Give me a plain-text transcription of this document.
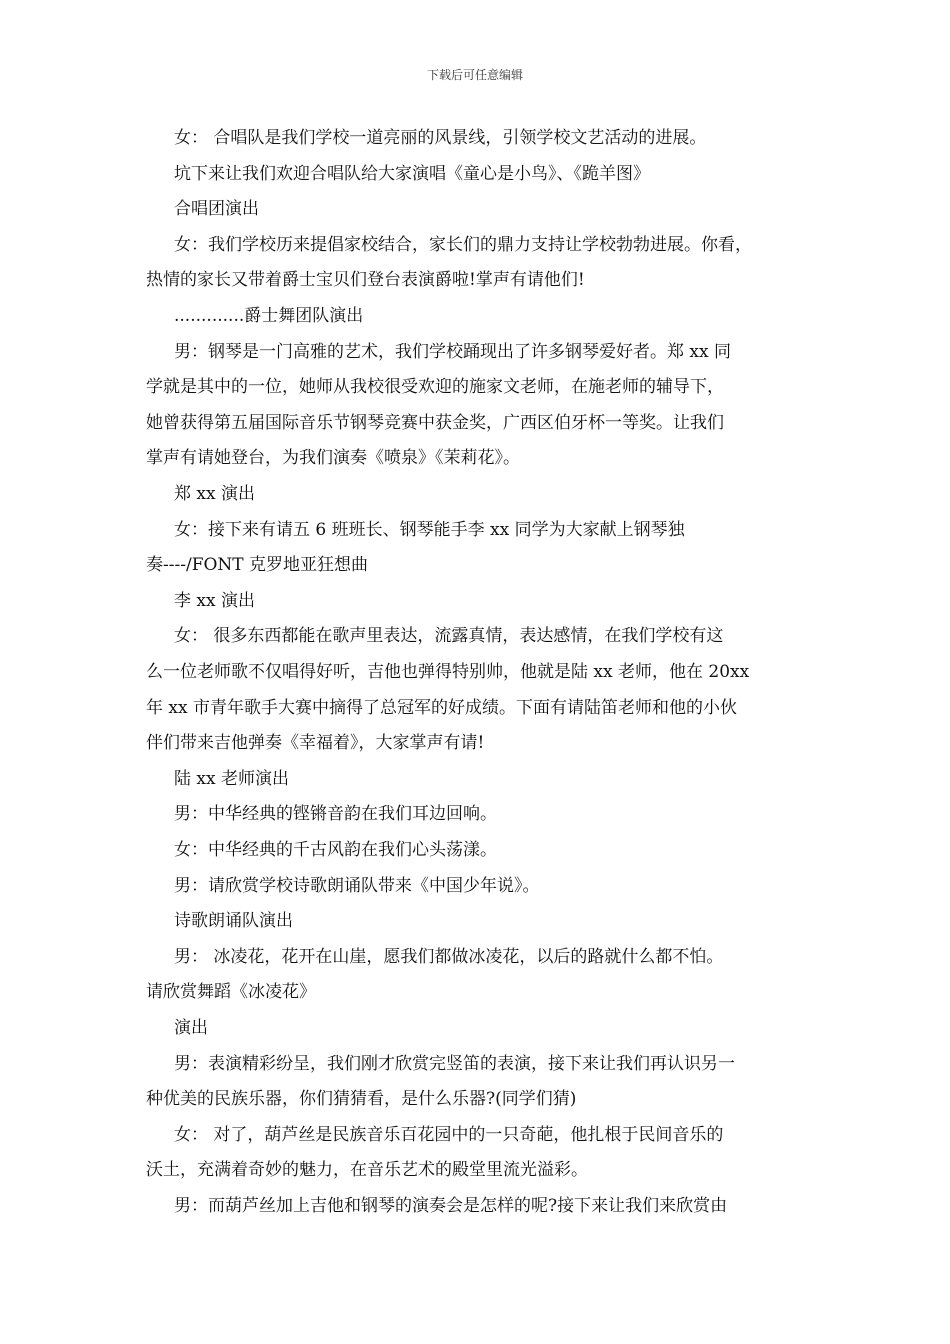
下载后可任意编辑
女： 合唱队是我们学校一道亮丽的风景线，引领学校文艺活动的进展。
坑下来让我们欢迎合唱队给大家演唱《童心是小鸟》、《跪羊图》
合唱团演出
女：我们学校历来提倡家校结合，家长们的鼎力支持让学校勃勃进展。你看，
热情的家长又带着爵士宝贝们登台表演爵啦!掌声有请他们!
.............爵士舞团队演出
男：钢琴是一门高雅的艺术，我们学校踊现出了许多钢琴爱好者。郑 xx 同
学就是其中的一位，她师从我校很受欢迎的施家文老师，在施老师的辅导下，
她曾获得第五届国际音乐节钢琴竞赛中获金奖，广西区伯牙杯一等奖。让我们
掌声有请她登台，为我们演奏《喷泉》《茉莉花》。
郑 xx 演出
女：接下来有请五 6 班班长、钢琴能手李 xx 同学为大家献上钢琴独
奏----/FONT 克罗地亚狂想曲
李 xx 演出
女： 很多东西都能在歌声里表达，流露真情，表达感情，在我们学校有这
么一位老师歌不仅唱得好听，吉他也弹得特别帅，他就是陆 xx 老师，他在 20xx
年 xx 市青年歌手大赛中摘得了总冠军的好成绩。下面有请陆笛老师和他的小伙
伴们带来吉他弹奏《幸福着》，大家掌声有请!
陆 xx 老师演出
男：中华经典的铿锵音韵在我们耳边回响。
女：中华经典的千古风韵在我们心头荡漾。
男：请欣赏学校诗歌朗诵队带来《中国少年说》。
诗歌朗诵队演出
男： 冰凌花，花开在山崖，愿我们都做冰凌花，以后的路就什么都不怕。
请欣赏舞蹈《冰凌花》
演出
男：表演精彩纷呈，我们刚才欣赏完竖笛的表演，接下来让我们再认识另一
种优美的民族乐器，你们猜猜看，是什么乐器?(同学们猜)
女： 对了，葫芦丝是民族音乐百花园中的一只奇葩，他扎根于民间音乐的
沃土，充满着奇妙的魅力，在音乐艺术的殿堂里流光溢彩。
男：而葫芦丝加上吉他和钢琴的演奏会是怎样的呢?接下来让我们来欣赏由
